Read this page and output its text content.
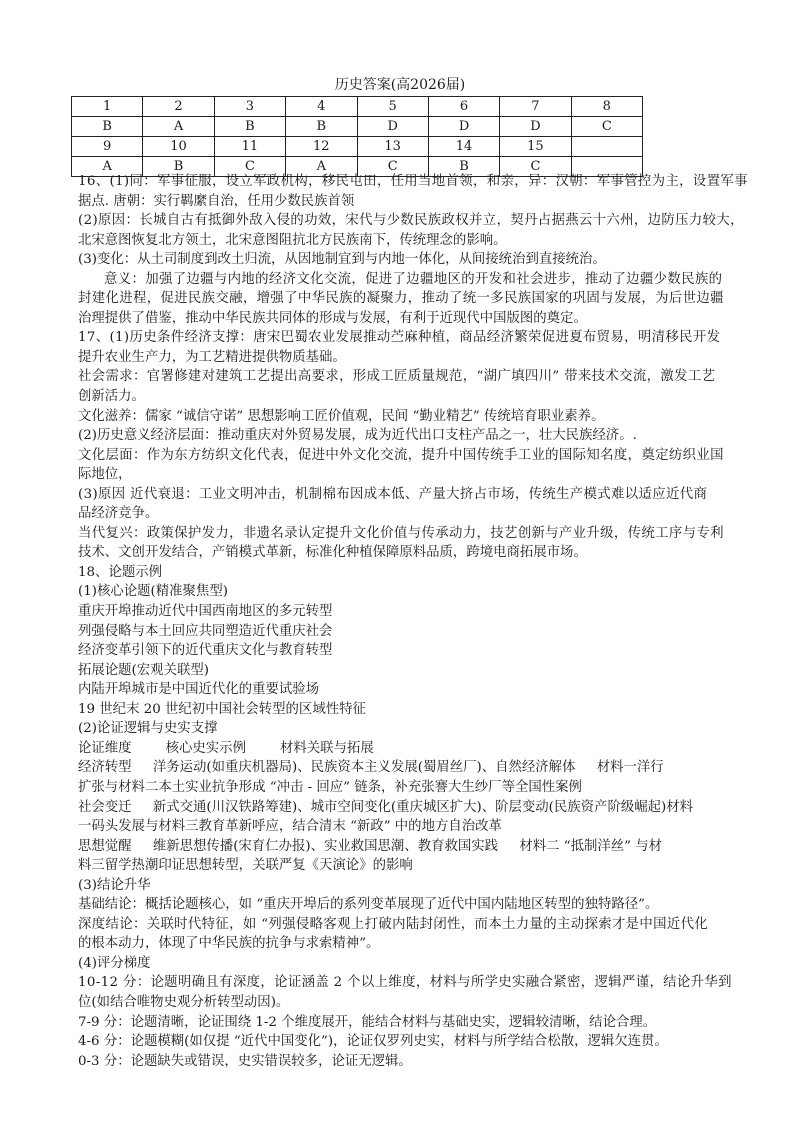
历史答案(高2026届)
1	2	3	4	5	6	7	8
B	A	B	B	D	D	D	C
9	10	11	12	13	14	15	
A	B	C	A	C	B	C	
16、(1)同：军事征服，设立军政机构，移民屯田，任用当地首领，和亲，异：汉朝：军事管控为主，设置军事
据点. 唐朝：实行羁縻自治，任用少数民族首领
(2)原因：长城自古有抵御外敌入侵的功效，宋代与少数民族政权并立，契丹占据燕云十六州，边防压力较大，
北宋意图恢复北方领土，北宋意图阻抗北方民族南下，传统理念的影响。
(3)变化：从土司制度到改土归流，从因地制宜到与内地一体化，从间接统治到直接统治。
意义：加强了边疆与内地的经济文化交流，促进了边疆地区的开发和社会进步，推动了边疆少数民族的
封建化进程，促进民族交融，增强了中华民族的凝聚力，推动了统一多民族国家的巩固与发展，为后世边疆
治理提供了借鉴，推动中华民族共同体的形成与发展，有利于近现代中国版图的奠定。
17、(1)历史条件经济支撑：唐宋巴蜀农业发展推动苎麻种植，商品经济繁荣促进夏布贸易，明清移民开发
提升农业生产力，为工艺精进提供物质基础。
社会需求：官署修建对建筑工艺提出高要求，形成工匠质量规范，“湖广填四川” 带来技术交流，激发工艺
创新活力。
文化滋养：儒家 “诚信守诺” 思想影响工匠价值观，民间 “勤业精艺” 传统培育职业素养。
(2)历史意义经济层面：推动重庆对外贸易发展，成为近代出口支柱产品之一，壮大民族经济。.
文化层面：作为东方纺织文化代表，促进中外文化交流，提升中国传统手工业的国际知名度，奠定纺织业国
际地位，
(3)原因 近代衰退：工业文明冲击，机制棉布因成本低、产量大挤占市场，传统生产模式难以适应近代商
品经济竞争。
当代复兴：政策保护发力，非遗名录认定提升文化价值与传承动力，技艺创新与产业升级，传统工序与专利
技术、文创开发结合，产销模式革新，标准化种植保障原料品质，跨境电商拓展市场。
18、论题示例
(1)核心论题(精准聚焦型)
重庆开埠推动近代中国西南地区的多元转型
列强侵略与本土回应共同塑造近代重庆社会
经济变革引领下的近代重庆文化与教育转型
拓展论题(宏观关联型)
内陆开埠城市是中国近代化的重要试验场
19 世纪末 20 世纪初中国社会转型的区域性特征
(2)论证逻辑与史实支撑
论证维度        核心史实示例        材料关联与拓展
经济转型     洋务运动(如重庆机器局)、民族资本主义发展(蜀眉丝厂)、自然经济解体     材料一洋行
扩张与材料二本土实业抗争形成 “冲击 - 回应” 链条，补充张謇大生纱厂等全国性案例
社会变迁     新式交通(川汉铁路筹建)、城市空间变化(重庆城区扩大)、阶层变动(民族资产阶级崛起)材料
一码头发展与材料三教育革新呼应，结合清末 “新政” 中的地方自治改革
思想觉醒     维新思想传播(宋育仁办报)、实业救国思潮、教育救国实践     材料二 “抵制洋丝” 与材
料三留学热潮印证思想转型，关联严复《天演论》的影响
(3)结论升华
基础结论：概括论题核心，如 “重庆开埠后的系列变革展现了近代中国内陆地区转型的独特路径”。
深度结论：关联时代特征，如 “列强侵略客观上打破内陆封闭性，而本土力量的主动探索才是中国近代化
的根本动力，体现了中华民族的抗争与求索精神”。
(4)评分梯度
10-12 分：论题明确且有深度，论证涵盖 2 个以上维度，材料与所学史实融合紧密，逻辑严谨，结论升华到
位(如结合唯物史观分析转型动因)。
7-9 分：论题清晰，论证围绕 1-2 个维度展开，能结合材料与基础史实，逻辑较清晰，结论合理。
4-6 分：论题模糊(如仅提 “近代中国变化”)，论证仅罗列史实，材料与所学结合松散，逻辑欠连贯。
0-3 分：论题缺失或错误，史实错误较多，论证无逻辑。
